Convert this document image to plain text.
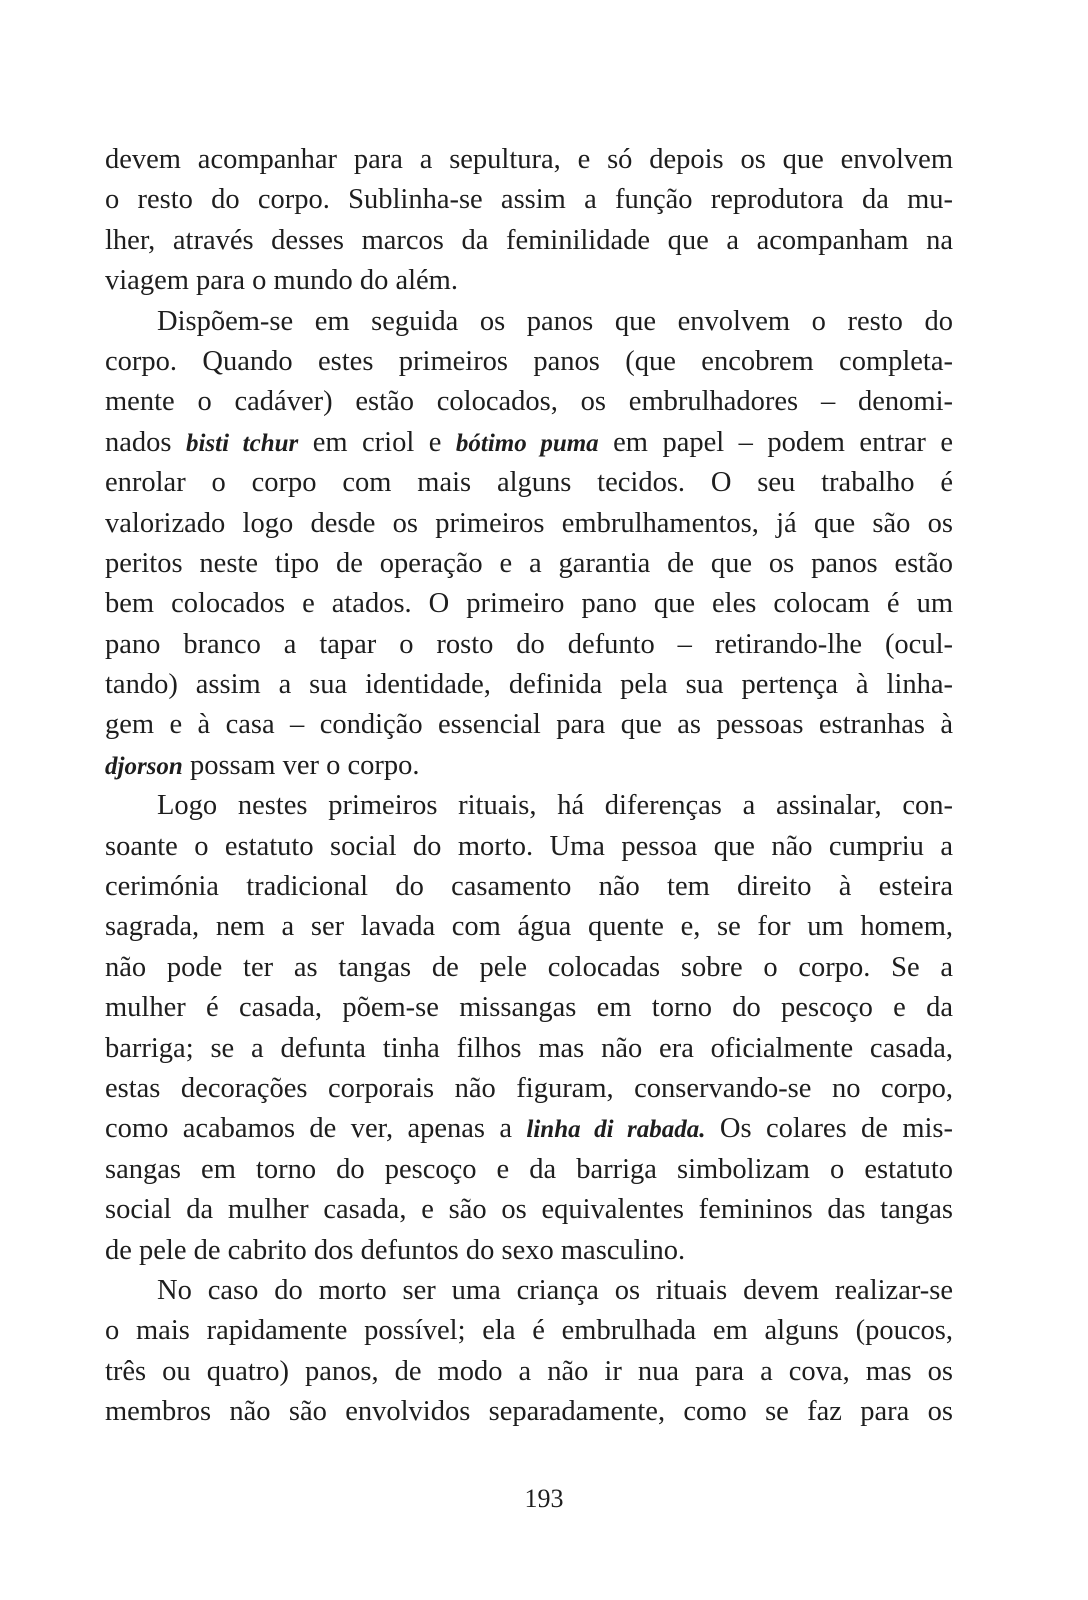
devem acompanhar para a sepultura, e só depois os que envolvem
o resto do corpo. Sublinha-se assim a função reprodutora da mu-
lher, através desses marcos da feminilidade que a acompanham na
viagem para o mundo do além.
Dispõem-se em seguida os panos que envolvem o resto do
corpo. Quando estes primeiros panos (que encobrem completa-
mente o cadáver) estão colocados, os embrulhadores – denomi-
nados bisti tchur em criol e bótimo puma em papel – podem entrar e
enrolar o corpo com mais alguns tecidos. O seu trabalho é
valorizado logo desde os primeiros embrulhamentos, já que são os
peritos neste tipo de operação e a garantia de que os panos estão
bem colocados e atados. O primeiro pano que eles colocam é um
pano branco a tapar o rosto do defunto – retirando-lhe (ocul-
tando) assim a sua identidade, definida pela sua pertença à linha-
gem e à casa – condição essencial para que as pessoas estranhas à
djorson possam ver o corpo.
Logo nestes primeiros rituais, há diferenças a assinalar, con-
soante o estatuto social do morto. Uma pessoa que não cumpriu a
cerimónia tradicional do casamento não tem direito à esteira
sagrada, nem a ser lavada com água quente e, se for um homem,
não pode ter as tangas de pele colocadas sobre o corpo. Se a
mulher é casada, põem-se missangas em torno do pescoço e da
barriga; se a defunta tinha filhos mas não era oficialmente casada,
estas decorações corporais não figuram, conservando-se no corpo,
como acabamos de ver, apenas a linha di rabada. Os colares de mis-
sangas em torno do pescoço e da barriga simbolizam o estatuto
social da mulher casada, e são os equivalentes femininos das tangas
de pele de cabrito dos defuntos do sexo masculino.
No caso do morto ser uma criança os rituais devem realizar-se
o mais rapidamente possível; ela é embrulhada em alguns (poucos,
três ou quatro) panos, de modo a não ir nua para a cova, mas os
membros não são envolvidos separadamente, como se faz para os
193
